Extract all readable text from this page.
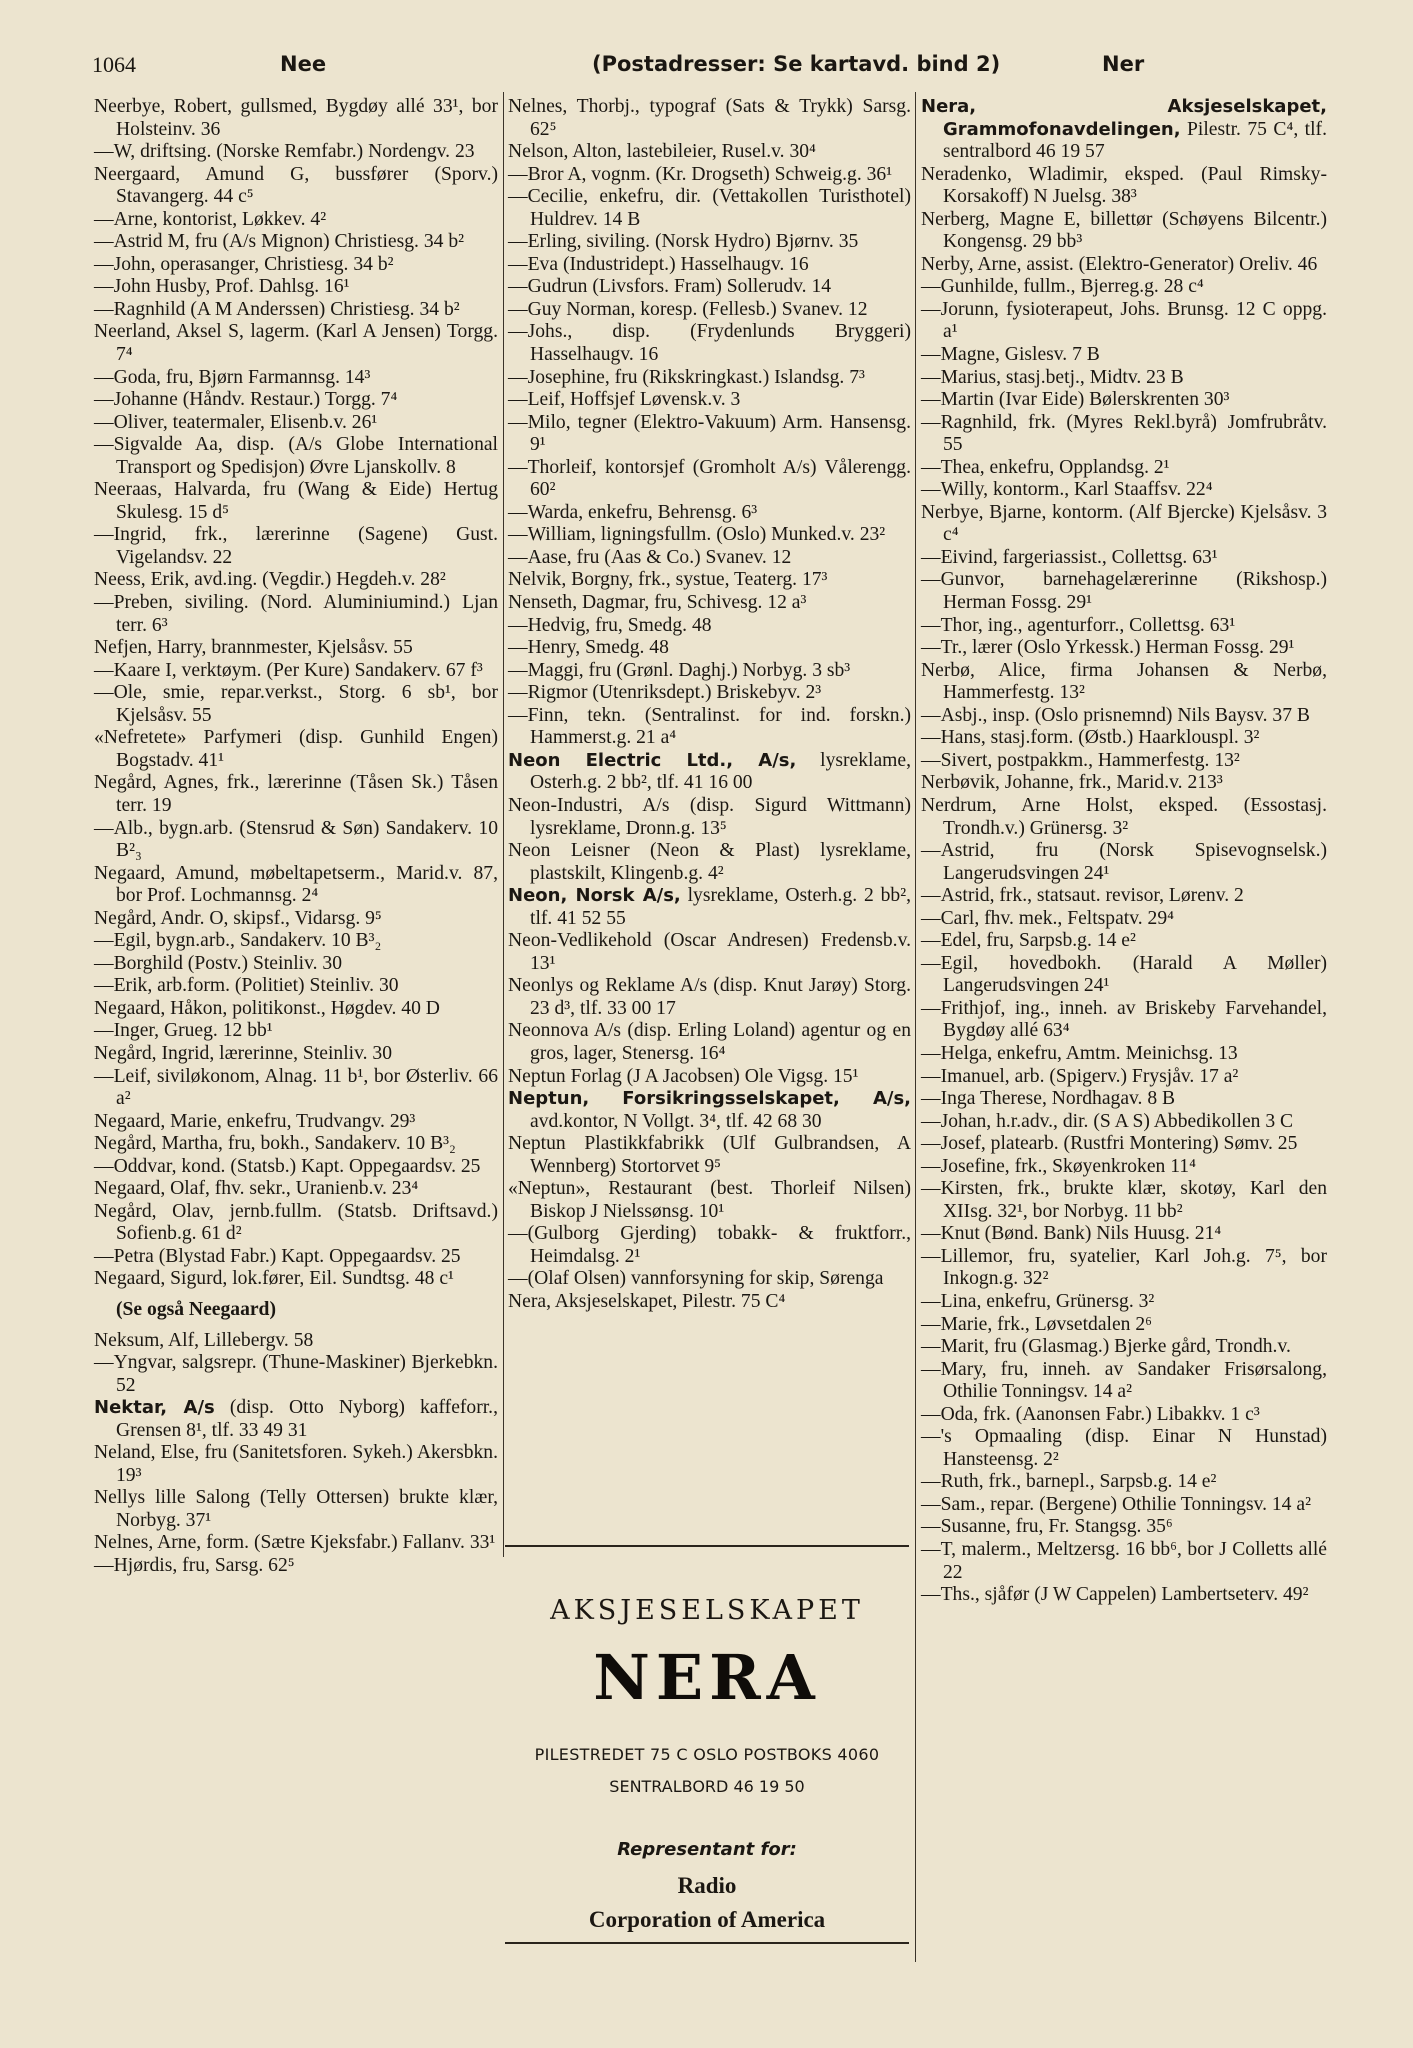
1064	Nee	(Postadresser: Se kartavd. bind 2)	Ner

Neerbye, Robert, gullsmed, Bygdøy allé 33¹, bor Holsteinv. 36

—W, driftsing. (Norske Remfabr.) Nordengv. 23

Neergaard, Amund G, bussfører (Sporv.) Stavangerg. 44 c⁵

—Arne, kontorist, Løkkev. 4²

—Astrid M, fru (A/s Mignon) Christiesg. 34 b²

—John, operasanger, Christiesg. 34 b²

—John Husby, Prof. Dahlsg. 16¹

—Ragnhild (A M Anderssen) Christiesg. 34 b²

Neerland, Aksel S, lagerm. (Karl A Jensen) Torgg. 7⁴

—Goda, fru, Bjørn Farmannsg. 14³

—Johanne (Håndv. Restaur.) Torgg. 7⁴

—Oliver, teatermaler, Elisenb.v. 26¹

—Sigvalde Aa, disp. (A/s Globe International Transport og Spedisjon) Øvre Ljanskollv. 8

Neeraas, Halvarda, fru (Wang & Eide) Hertug Skulesg. 15 d⁵

—Ingrid, frk., lærerinne (Sagene) Gust. Vigelandsv. 22

Neess, Erik, avd.ing. (Vegdir.) Hegdeh.v. 28²

—Preben, siviling. (Nord. Aluminiumind.) Ljan terr. 6³

Nefjen, Harry, brannmester, Kjelsåsv. 55

—Kaare I, verktøym. (Per Kure) Sandakerv. 67 f³

—Ole, smie, repar.verkst., Storg. 6 sb¹, bor Kjelsåsv. 55

«Nefretete» Parfymeri (disp. Gunhild Engen) Bogstadv. 41¹

Negård, Agnes, frk., lærerinne (Tåsen Sk.) Tåsen terr. 19

—Alb., bygn.arb. (Stensrud & Søn) Sandakerv. 10 B²₃

Negaard, Amund, møbeltapetserm., Marid.v. 87, bor Prof. Lochmannsg. 2⁴

Negård, Andr. O, skipsf., Vidarsg. 9⁵

—Egil, bygn.arb., Sandakerv. 10 B³₂

—Borghild (Postv.) Steinliv. 30

—Erik, arb.form. (Politiet) Steinliv. 30

Negaard, Håkon, politikonst., Høgdev. 40 D

—Inger, Grueg. 12 bb¹

Negård, Ingrid, lærerinne, Steinliv. 30

—Leif, siviløkonom, Alnag. 11 b¹, bor Østerliv. 66 a²

Negaard, Marie, enkefru, Trudvangv. 29³

Negård, Martha, fru, bokh., Sandakerv. 10 B³₂

—Oddvar, kond. (Statsb.) Kapt. Oppegaardsv. 25

Negaard, Olaf, fhv. sekr., Uranienb.v. 23⁴

Negård, Olav, jernb.fullm. (Statsb. Driftsavd.) Sofienb.g. 61 d²

—Petra (Blystad Fabr.) Kapt. Oppegaardsv. 25

Negaard, Sigurd, lok.fører, Eil. Sundtsg. 48 c¹

(Se også Neegaard)

Neksum, Alf, Lillebergv. 58

—Yngvar, salgsrepr. (Thune-Maskiner) Bjerkebkn. 52

Nektar, A/s (disp. Otto Nyborg) kaffeforr., Grensen 8¹, tlf. 33 49 31

Neland, Else, fru (Sanitetsforen. Sykeh.) Akersbkn. 19³

Nellys lille Salong (Telly Ottersen) brukte klær, Norbyg. 37¹

Nelnes, Arne, form. (Sætre Kjeksfabr.) Fallanv. 33¹

—Hjørdis, fru, Sarsg. 62⁵

Nelnes, Thorbj., typograf (Sats & Trykk) Sarsg. 62⁵

Nelson, Alton, lastebileier, Rusel.v. 30⁴

—Bror A, vognm. (Kr. Drogseth) Schweig.g. 36¹

—Cecilie, enkefru, dir. (Vettakollen Turisthotel) Huldrev. 14 B

—Erling, siviling. (Norsk Hydro) Bjørnv. 35

—Eva (Industridept.) Hasselhaugv. 16

—Gudrun (Livsfors. Fram) Sollerudv. 14

—Guy Norman, koresp. (Fellesb.) Svanev. 12

—Johs., disp. (Frydenlunds Bryggeri) Hasselhaugv. 16

—Josephine, fru (Rikskringkast.) Islandsg. 7³

—Leif, Hoffsjef Løvensk.v. 3

—Milo, tegner (Elektro-Vakuum) Arm. Hansensg. 9¹

—Thorleif, kontorsjef (Gromholt A/s) Vålerengg. 60²

—Warda, enkefru, Behrensg. 6³

—William, ligningsfullm. (Oslo) Munked.v. 23²

—Aase, fru (Aas & Co.) Svanev. 12

Nelvik, Borgny, frk., systue, Teaterg. 17³

Nenseth, Dagmar, fru, Schivesg. 12 a³

—Hedvig, fru, Smedg. 48

—Henry, Smedg. 48

—Maggi, fru (Grønl. Daghj.) Norbyg. 3 sb³

—Rigmor (Utenriksdept.) Briskebyv. 2³

—Finn, tekn. (Sentralinst. for ind. forskn.) Hammerst.g. 21 a⁴

Neon Electric Ltd., A/s, lysreklame, Osterh.g. 2 bb², tlf. 41 16 00

Neon-Industri, A/s (disp. Sigurd Wittmann) lysreklame, Dronn.g. 13⁵

Neon Leisner (Neon & Plast) lysreklame, plastskilt, Klingenb.g. 4²

Neon, Norsk A/s, lysreklame, Osterh.g. 2 bb², tlf. 41 52 55

Neon-Vedlikehold (Oscar Andresen) Fredensb.v. 13¹

Neonlys og Reklame A/s (disp. Knut Jarøy) Storg. 23 d³, tlf. 33 00 17

Neonnova A/s (disp. Erling Loland) agentur og en gros, lager, Stenersg. 16⁴

Neptun Forlag (J A Jacobsen) Ole Vigsg. 15¹

Neptun, Forsikringsselskapet, A/s, avd.kontor, N Vollgt. 3⁴, tlf. 42 68 30

Neptun Plastikkfabrikk (Ulf Gulbrandsen, A Wennberg) Stortorvet 9⁵

«Neptun», Restaurant (best. Thorleif Nilsen) Biskop J Nielssønsg. 10¹

—(Gulborg Gjerding) tobakk- & fruktforr., Heimdalsg. 2¹

—(Olaf Olsen) vannforsyning for skip, Sørenga

Nera, Aksjeselskapet, Pilestr. 75 C⁴

Nera, Aksjeselskapet, Grammofonavdelingen, Pilestr. 75 C⁴, tlf. sentralbord 46 19 57

Neradenko, Wladimir, eksped. (Paul Rimsky-Korsakoff) N Juelsg. 38³

Nerberg, Magne E, billettør (Schøyens Bilcentr.) Kongensg. 29 bb³

Nerby, Arne, assist. (Elektro-Generator) Oreliv. 46

—Gunhilde, fullm., Bjerreg.g. 28 c⁴

—Jorunn, fysioterapeut, Johs. Brunsg. 12 C oppg. a¹

—Magne, Gislesv. 7 B

—Marius, stasj.betj., Midtv. 23 B

—Martin (Ivar Eide) Bølerskrenten 30³

—Ragnhild, frk. (Myres Rekl.byrå) Jomfrubråtv. 55

—Thea, enkefru, Opplandsg. 2¹

—Willy, kontorm., Karl Staaffsv. 22⁴

Nerbye, Bjarne, kontorm. (Alf Bjercke) Kjelsåsv. 3 c⁴

—Eivind, fargeriassist., Collettsg. 63¹

—Gunvor, barnehagelærerinne (Rikshosp.) Herman Fossg. 29¹

—Thor, ing., agenturforr., Collettsg. 63¹

—Tr., lærer (Oslo Yrkessk.) Herman Fossg. 29¹

Nerbø, Alice, firma Johansen & Nerbø, Hammerfestg. 13²

—Asbj., insp. (Oslo prisnemnd) Nils Baysv. 37 B

—Hans, stasj.form. (Østb.) Haarklouspl. 3²

—Sivert, postpakkm., Hammerfestg. 13²

Nerbøvik, Johanne, frk., Marid.v. 213³

Nerdrum, Arne Holst, eksped. (Essostasj. Trondh.v.) Grünersg. 3²

—Astrid, fru (Norsk Spisevognselsk.) Langerudsvingen 24¹

—Astrid, frk., statsaut. revisor, Lørenv. 2

—Carl, fhv. mek., Feltspatv. 29⁴

—Edel, fru, Sarpsb.g. 14 e²

—Egil, hovedbokh. (Harald A Møller) Langerudsvingen 24¹

—Frithjof, ing., inneh. av Briskeby Farvehandel, Bygdøy allé 63⁴

—Helga, enkefru, Amtm. Meinichsg. 13

—Imanuel, arb. (Spigerv.) Frysjåv. 17 a²

—Inga Therese, Nordhagav. 8 B

—Johan, h.r.adv., dir. (S A S) Abbedikollen 3 C

—Josef, platearb. (Rustfri Montering) Sømv. 25

—Josefine, frk., Skøyenkroken 11⁴

—Kirsten, frk., brukte klær, skotøy, Karl den XIIsg. 32¹, bor Norbyg. 11 bb²

—Knut (Bønd. Bank) Nils Huusg. 21⁴

—Lillemor, fru, syatelier, Karl Joh.g. 7⁵, bor Inkogn.g. 32²

—Lina, enkefru, Grünersg. 3²

—Marie, frk., Løvsetdalen 2⁶

—Marit, fru (Glasmag.) Bjerke gård, Trondh.v.

—Mary, fru, inneh. av Sandaker Frisørsalong, Othilie Tonningsv. 14 a²

—Oda, frk. (Aanonsen Fabr.) Libakkv. 1 c³

—'s Opmaaling (disp. Einar N Hunstad) Hansteensg. 2²

—Ruth, frk., barnepl., Sarpsb.g. 14 e²

—Sam., repar. (Bergene) Othilie Tonningsv. 14 a²

—Susanne, fru, Fr. Stangsg. 35⁶

—T, malerm., Meltzersg. 16 bb⁶, bor J Colletts allé 22

—Ths., sjåfør (J W Cappelen) Lambertseterv. 49²

AKSJESELSKAPET
NERA
PILESTREDET 75 C OSLO POSTBOKS 4060
SENTRALBORD 46 19 50
Representant for:
Radio
Corporation of America
